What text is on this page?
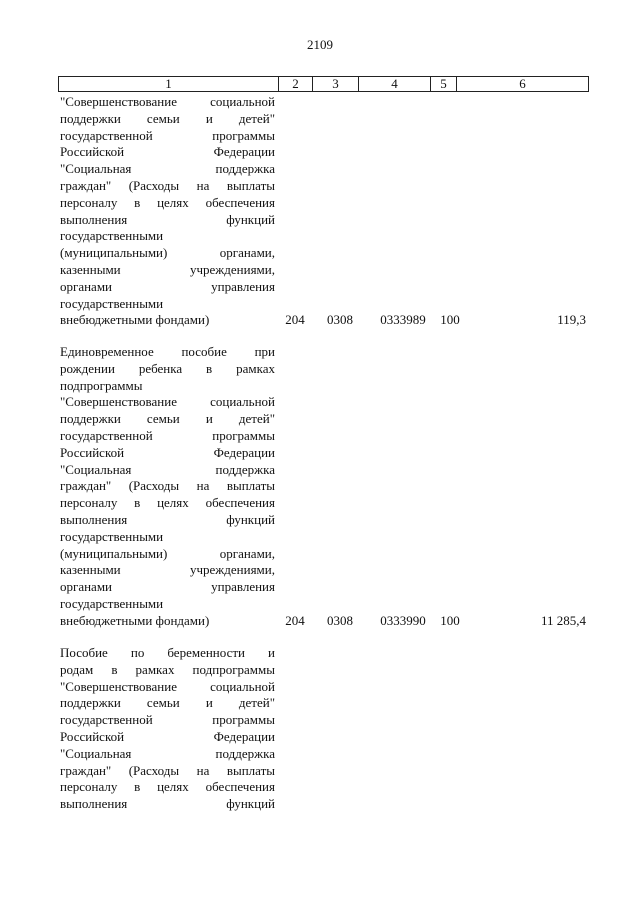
2109
1	2	3	4	5	6
"Совершенствование социальной
поддержки семьи и детей"
государственной программы
Российской Федерации
"Социальная поддержка
граждан" (Расходы на выплаты
персоналу в целях обеспечения
выполнения функций
государственными
(муниципальными) органами,
казенными учреждениями,
органами управления
государственными
внебюджетными фондами)	204	0308	0333989	100	119,3
Единовременное пособие при
рождении ребенка в рамках
подпрограммы
"Совершенствование социальной
поддержки семьи и детей"
государственной программы
Российской Федерации
"Социальная поддержка
граждан" (Расходы на выплаты
персоналу в целях обеспечения
выполнения функций
государственными
(муниципальными) органами,
казенными учреждениями,
органами управления
государственными
внебюджетными фондами)	204	0308	0333990	100	11 285,4
Пособие по беременности и
родам в рамках подпрограммы
"Совершенствование социальной
поддержки семьи и детей"
государственной программы
Российской Федерации
"Социальная поддержка
граждан" (Расходы на выплаты
персоналу в целях обеспечения
выполнения функций
